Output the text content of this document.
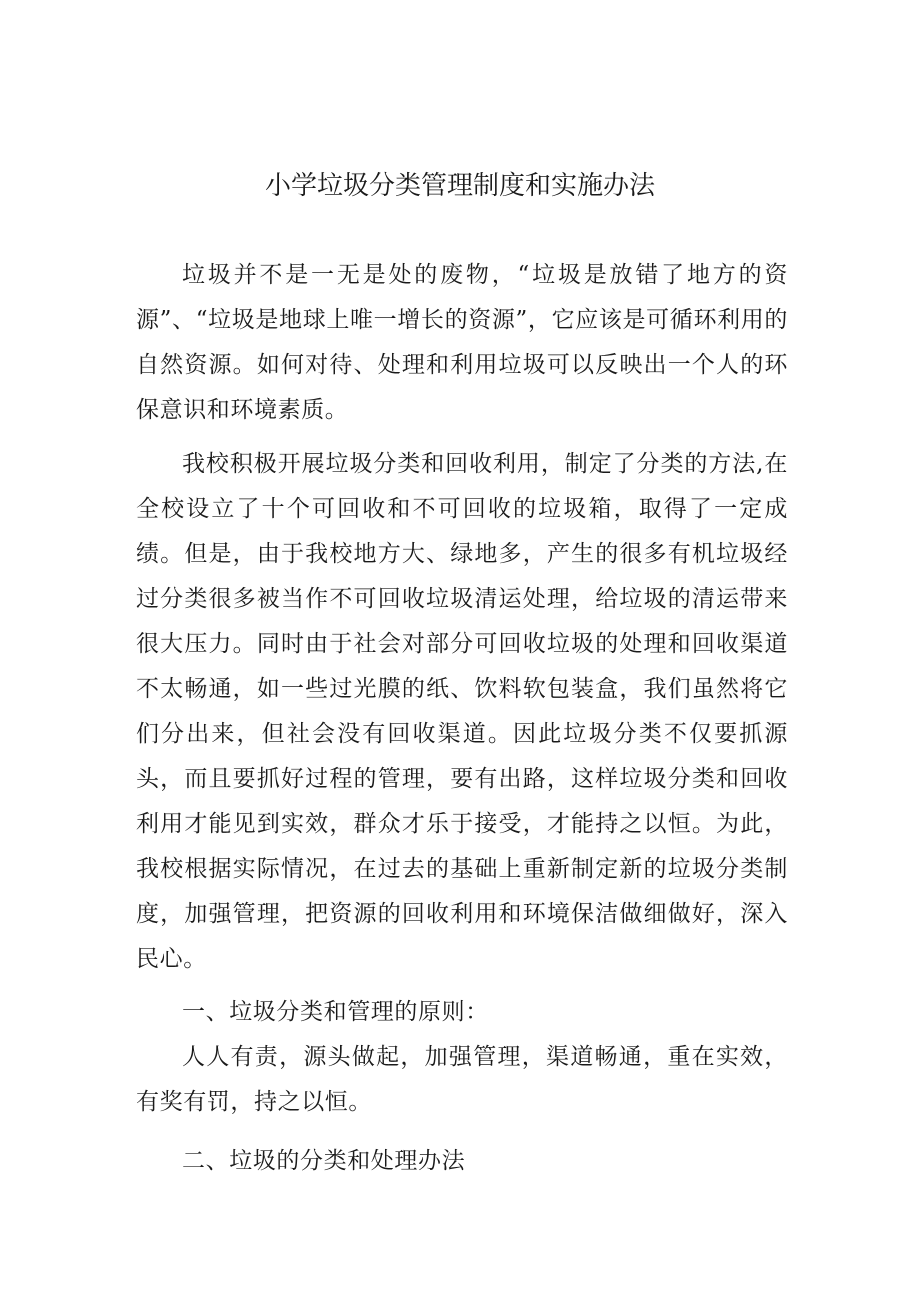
小学垃圾分类管理制度和实施办法

垃圾并不是一无是处的废物，“垃圾是放错了地方的资源”、“垃圾是地球上唯一增长的资源”，它应该是可循环利用的自然资源。如何对待、处理和利用垃圾可以反映出一个人的环保意识和环境素质。

我校积极开展垃圾分类和回收利用，制定了分类的方法,在全校设立了十个可回收和不可回收的垃圾箱，取得了一定成绩。但是，由于我校地方大、绿地多，产生的很多有机垃圾经过分类很多被当作不可回收垃圾清运处理，给垃圾的清运带来很大压力。同时由于社会对部分可回收垃圾的处理和回收渠道不太畅通，如一些过光膜的纸、饮料软包装盒，我们虽然将它们分出来，但社会没有回收渠道。因此垃圾分类不仅要抓源头，而且要抓好过程的管理，要有出路，这样垃圾分类和回收利用才能见到实效，群众才乐于接受，才能持之以恒。为此，我校根据实际情况，在过去的基础上重新制定新的垃圾分类制度，加强管理，把资源的回收利用和环境保洁做细做好，深入民心。

一、垃圾分类和管理的原则：

人人有责，源头做起，加强管理，渠道畅通，重在实效，有奖有罚，持之以恒。

二、垃圾的分类和处理办法
